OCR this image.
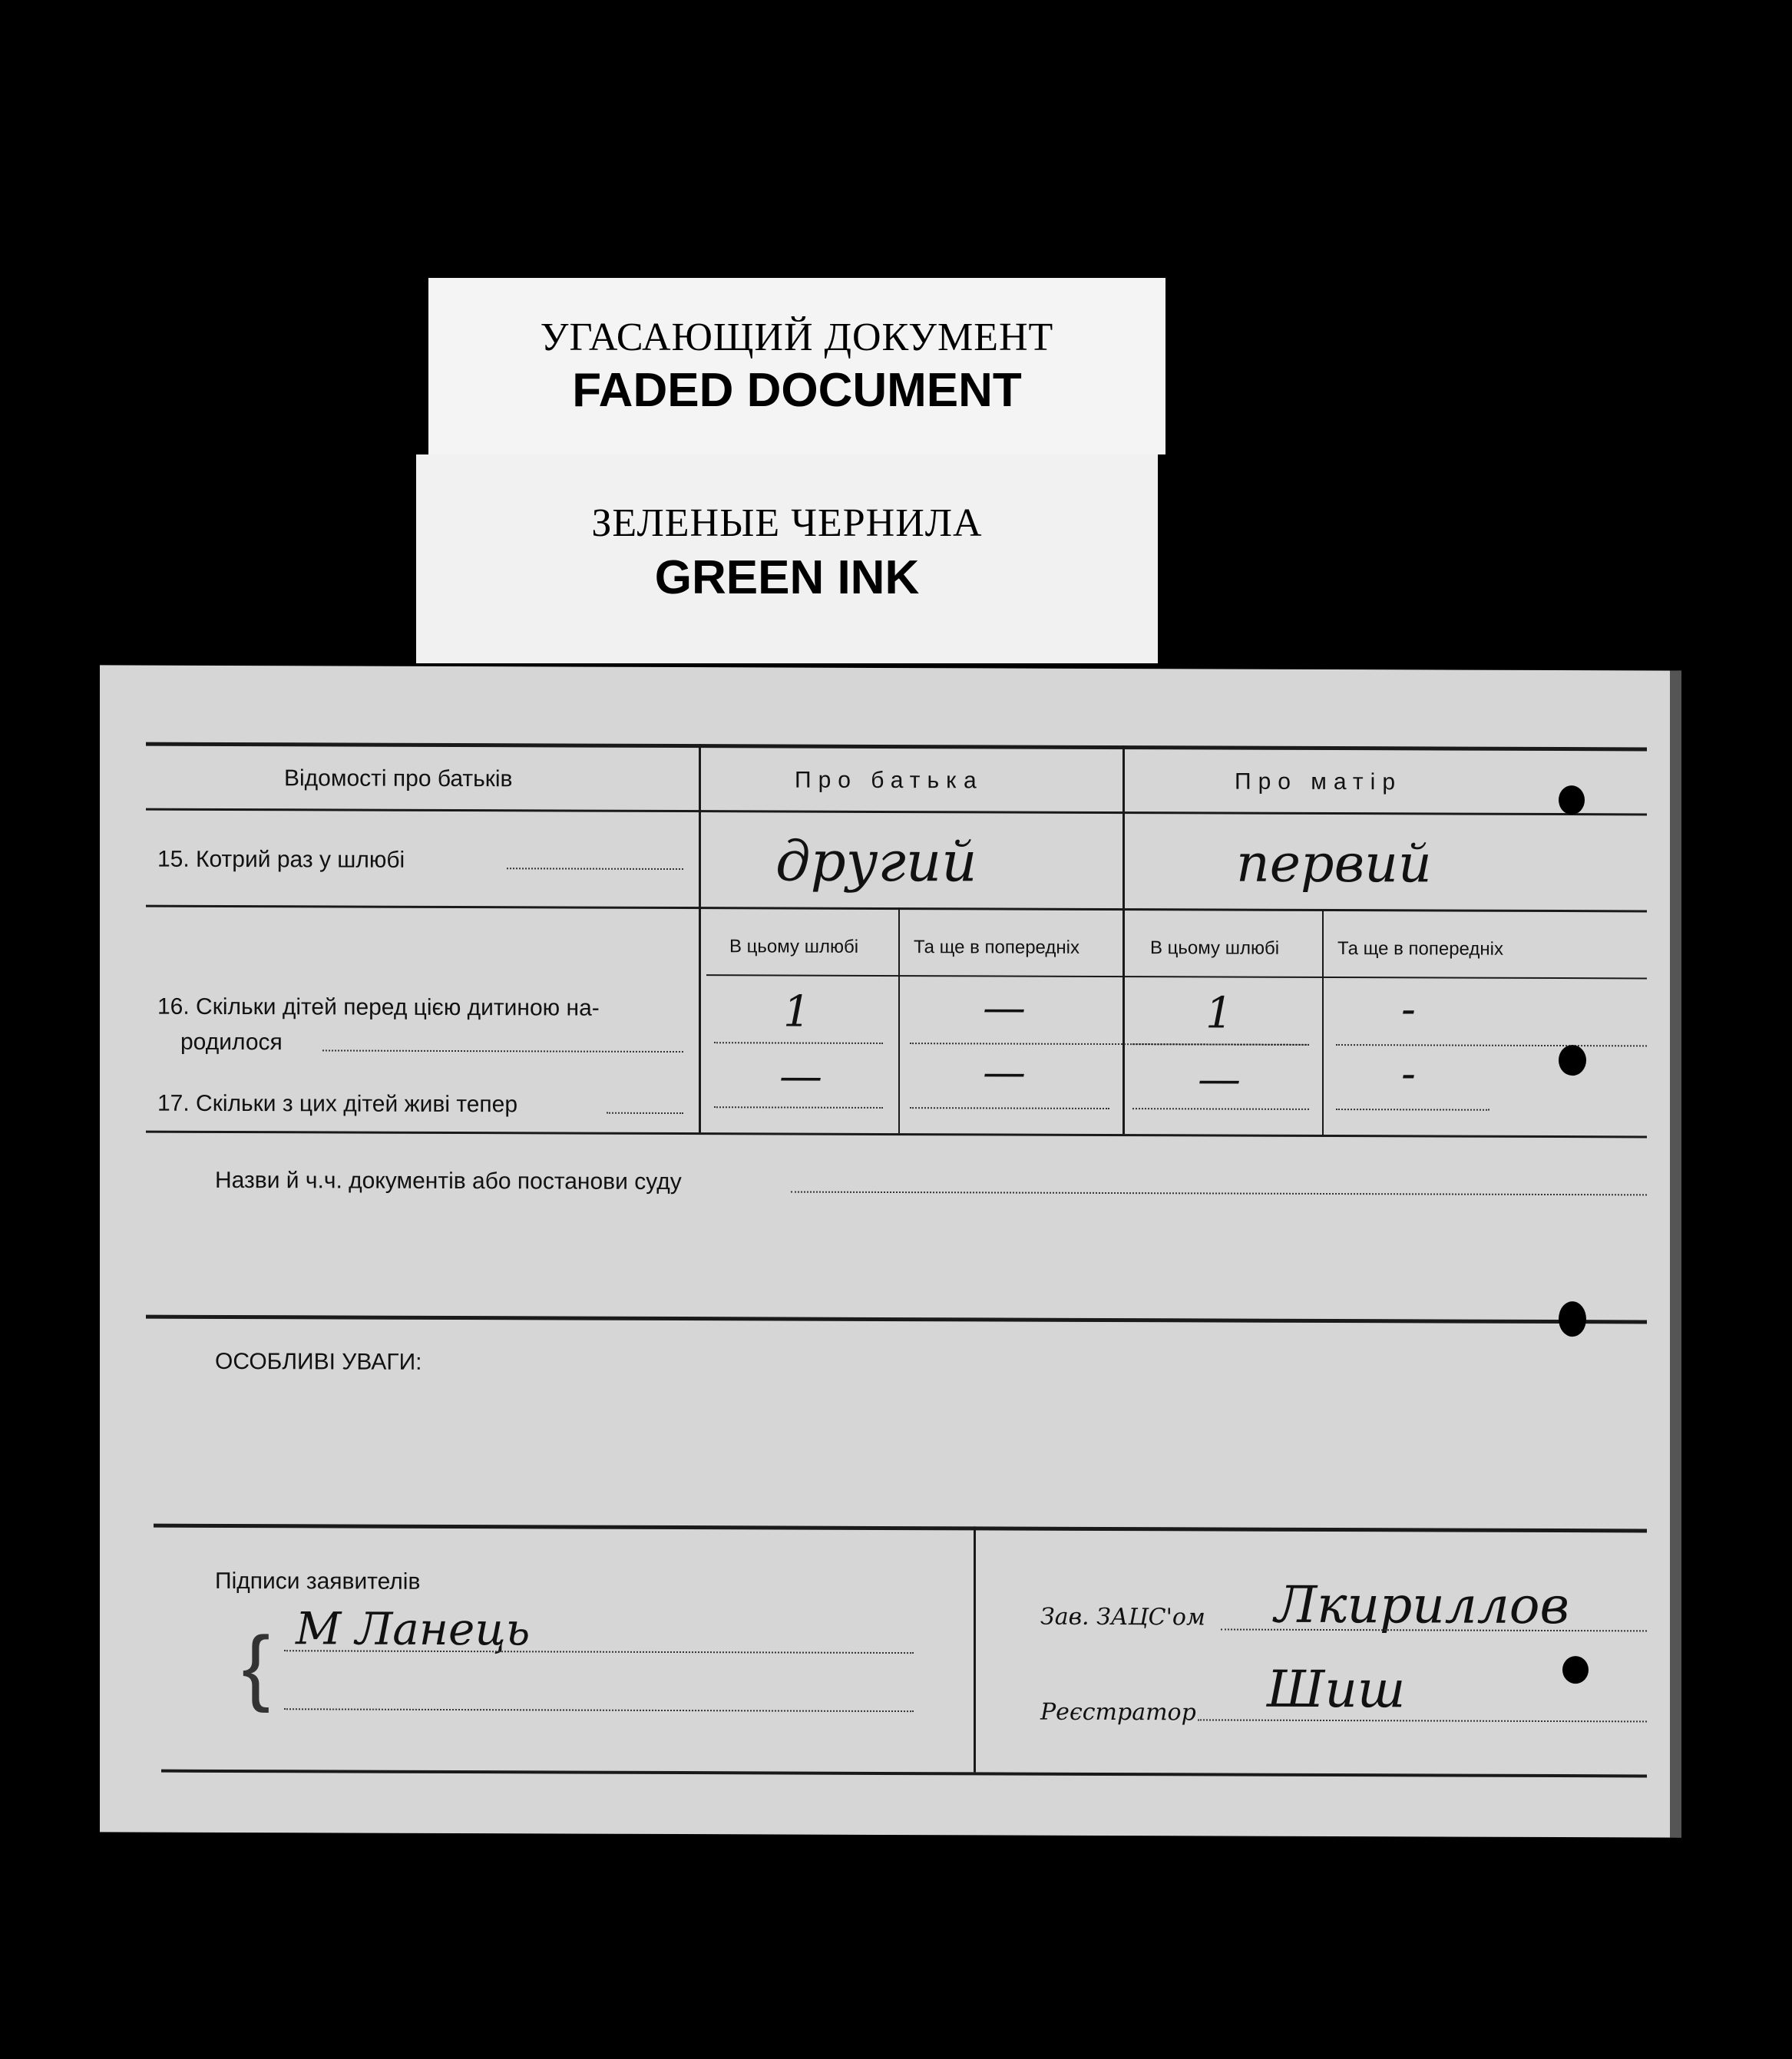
УГАСАЮЩИЙ ДОКУМЕНТ
FADED DOCUMENT
ЗЕЛЕНЫЕ ЧЕРНИЛА
GREEN INK
Відомості про батьків	Про батька	Про матір
15. Котрий раз у шлюбі	другий	первий
В цьому шлюбі	Та ще в попередніх	В цьому шлюбі	Та ще в попередніх
16. Скільки дітей перед цією дитиною на-
родилося
1	—	1	-
17. Скільки з цих дітей живі тепер
—	—	—	-
Назви й ч.ч. документів або постанови суду
ОСОБЛИВІ УВАГИ:
Підписи заявителів
{ М Ланець	Зав. ЗАЦС'ом Лкириллов
Реєстратор Шиш
